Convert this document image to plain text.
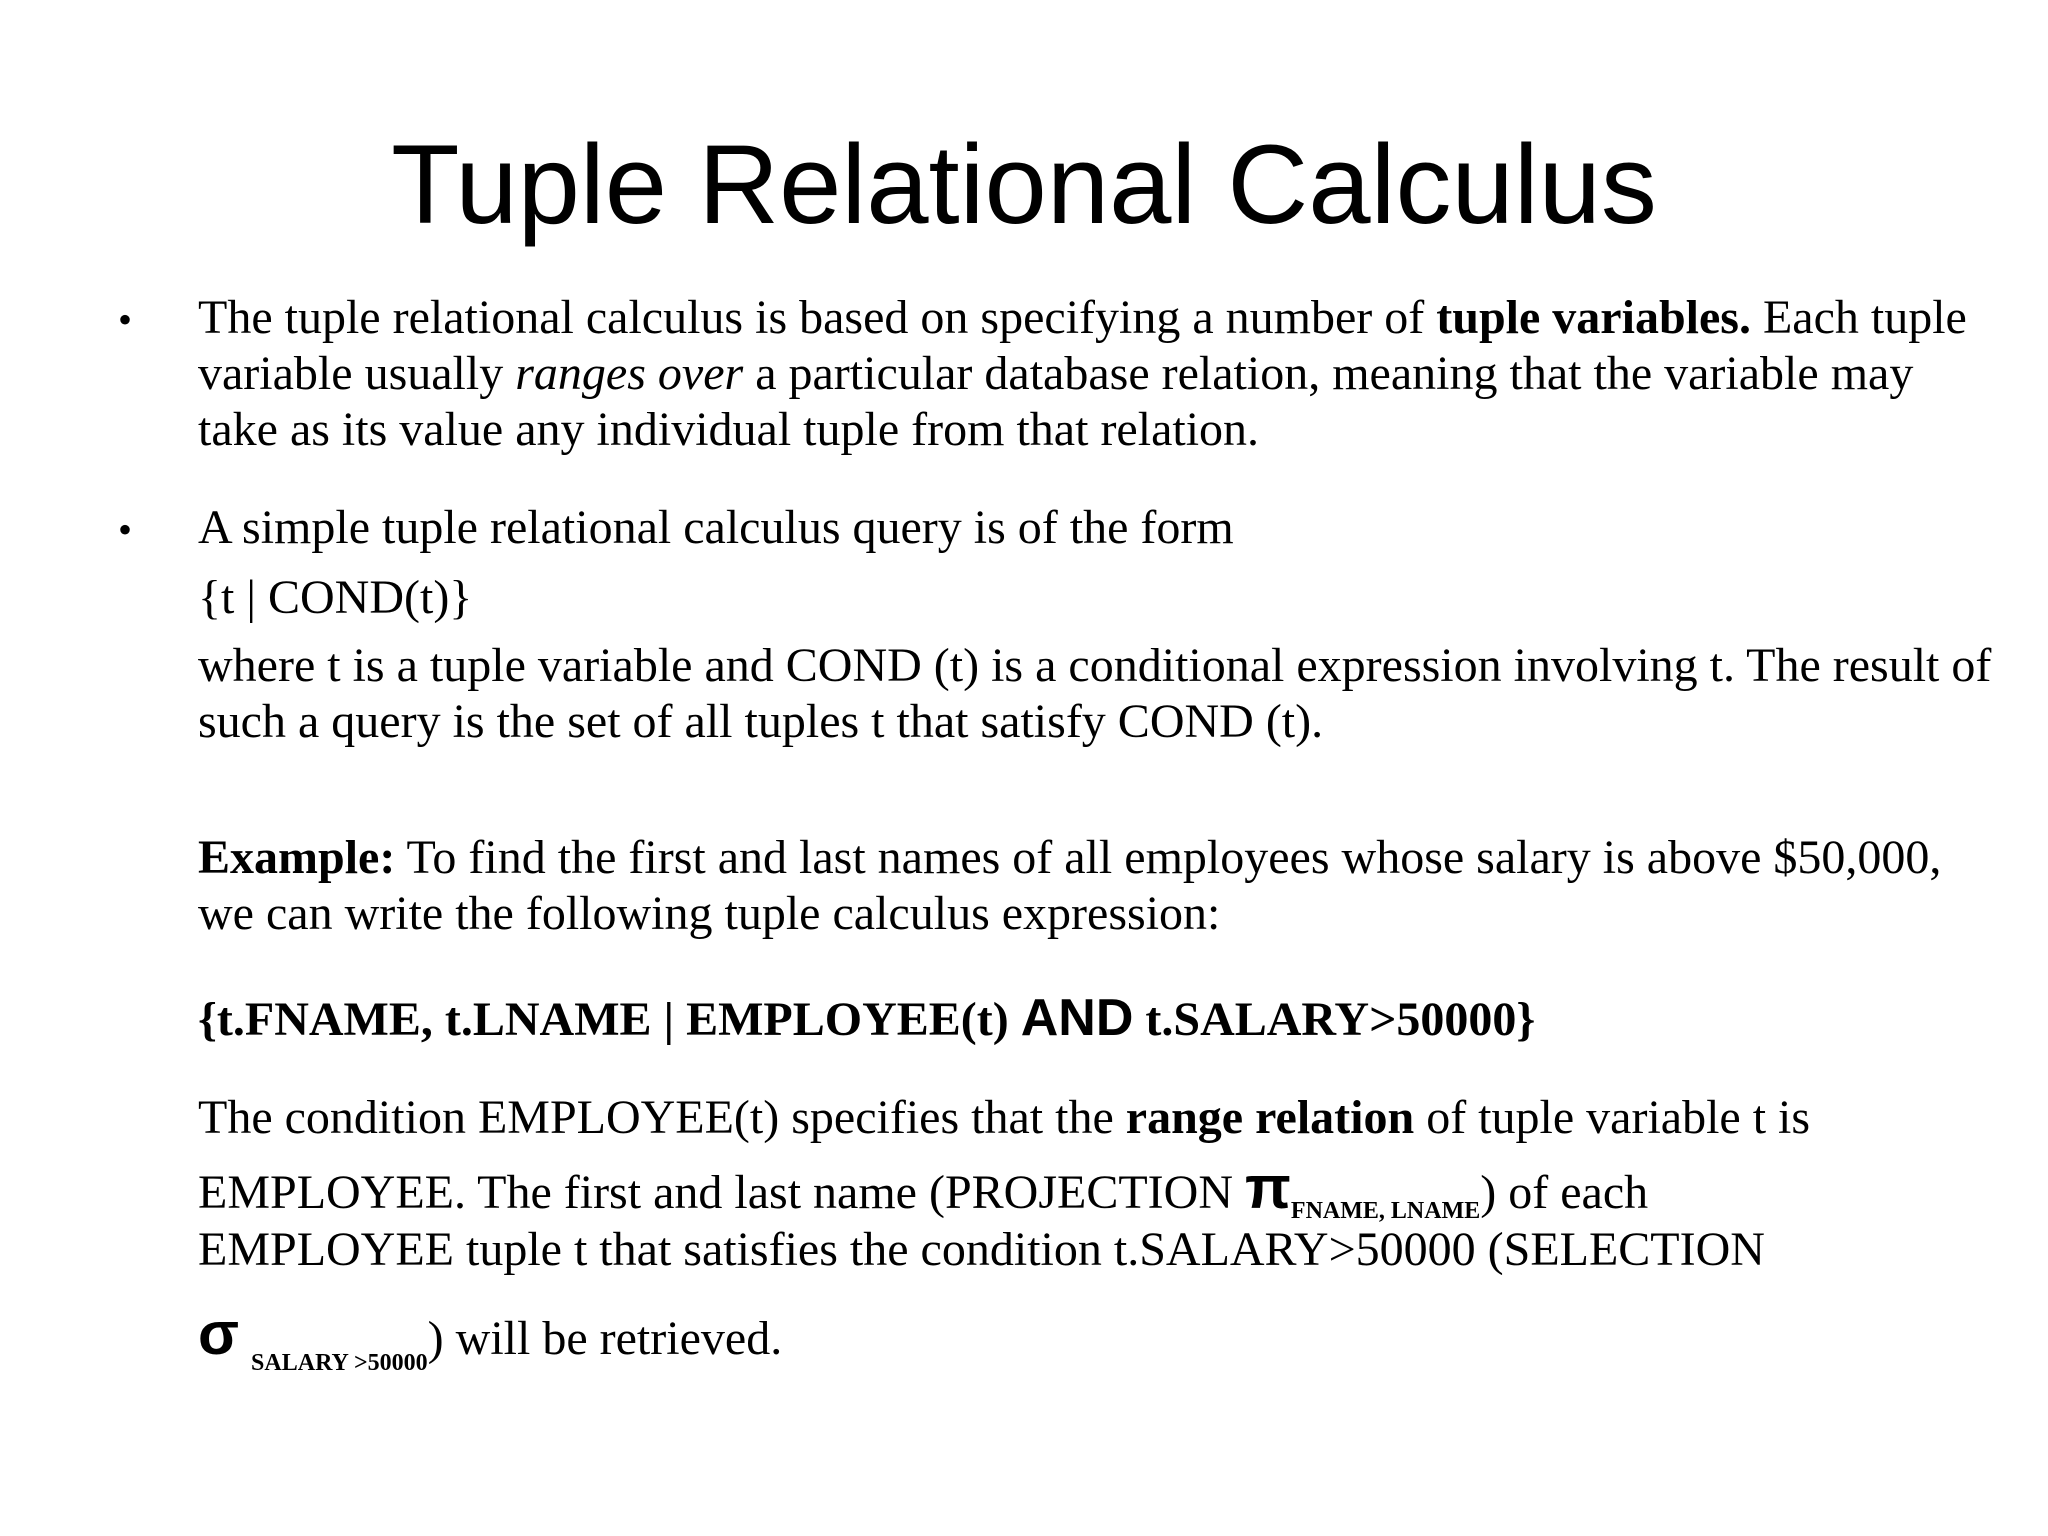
Tuple Relational Calculus
• The tuple relational calculus is based on specifying a number of tuple variables. Each tuple variable usually ranges over a particular database relation, meaning that the variable may take as its value any individual tuple from that relation.

• A simple tuple relational calculus query is of the form
{t | COND(t)}
where t is a tuple variable and COND (t) is a conditional expression involving t. The result of such a query is the set of all tuples t that satisfy COND (t).

Example: To find the first and last names of all employees whose salary is above $50,000, we can write the following tuple calculus expression:

{t.FNAME, t.LNAME | EMPLOYEE(t) AND t.SALARY>50000}
The condition EMPLOYEE(t) specifies that the range relation of tuple variable t is
EMPLOYEE. The first and last name (PROJECTION $\pi_{FNAME, LNAME}$) of each
EMPLOYEE tuple t that satisfies the condition t.SALARY>50000 (SELECTION
σ $_{SALARY >50000}$) will be retrieved.
